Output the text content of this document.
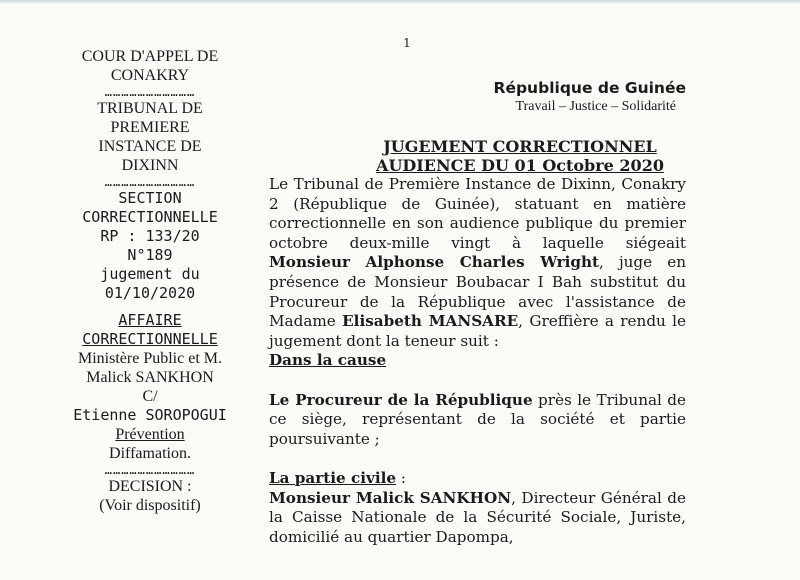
1
COUR D'APPEL DE
CONAKRY
……………………………
TRIBUNAL DE
PREMIERE
INSTANCE DE
DIXINN
……………………………
SECTION
CORRECTIONNELLE
RP : 133/20
N°189
jugement du
01/10/2020
AFFAIRE
CORRECTIONNELLE
Ministère Public et M.
Malick SANKHON
C/
Etienne SOROPOGUI
Prévention
Diffamation.
……………………………
DECISION :
(Voir dispositif)
République de Guinée
Travail – Justice – Solidarité
JUGEMENT CORRECTIONNEL
AUDIENCE DU 01 Octobre 2020

Le Tribunal de Première Instance de Dixinn, Conakry 2 (République de Guinée), statuant en matière correctionnelle en son audience publique du premier octobre deux-mille vingt à laquelle siégeait Monsieur Alphonse Charles Wright, juge en présence de Monsieur Boubacar I Bah substitut du Procureur de la République avec l'assistance de Madame Elisabeth MANSARE, Greffière a rendu le jugement dont la teneur suit :

Dans la cause

Le Procureur de la République près le Tribunal de ce siège, représentant de la société et partie poursuivante ;

La partie civile :

Monsieur Malick SANKHON, Directeur Général de la Caisse Nationale de la Sécurité Sociale, Juriste, domicilié au quartier Dapompa,
